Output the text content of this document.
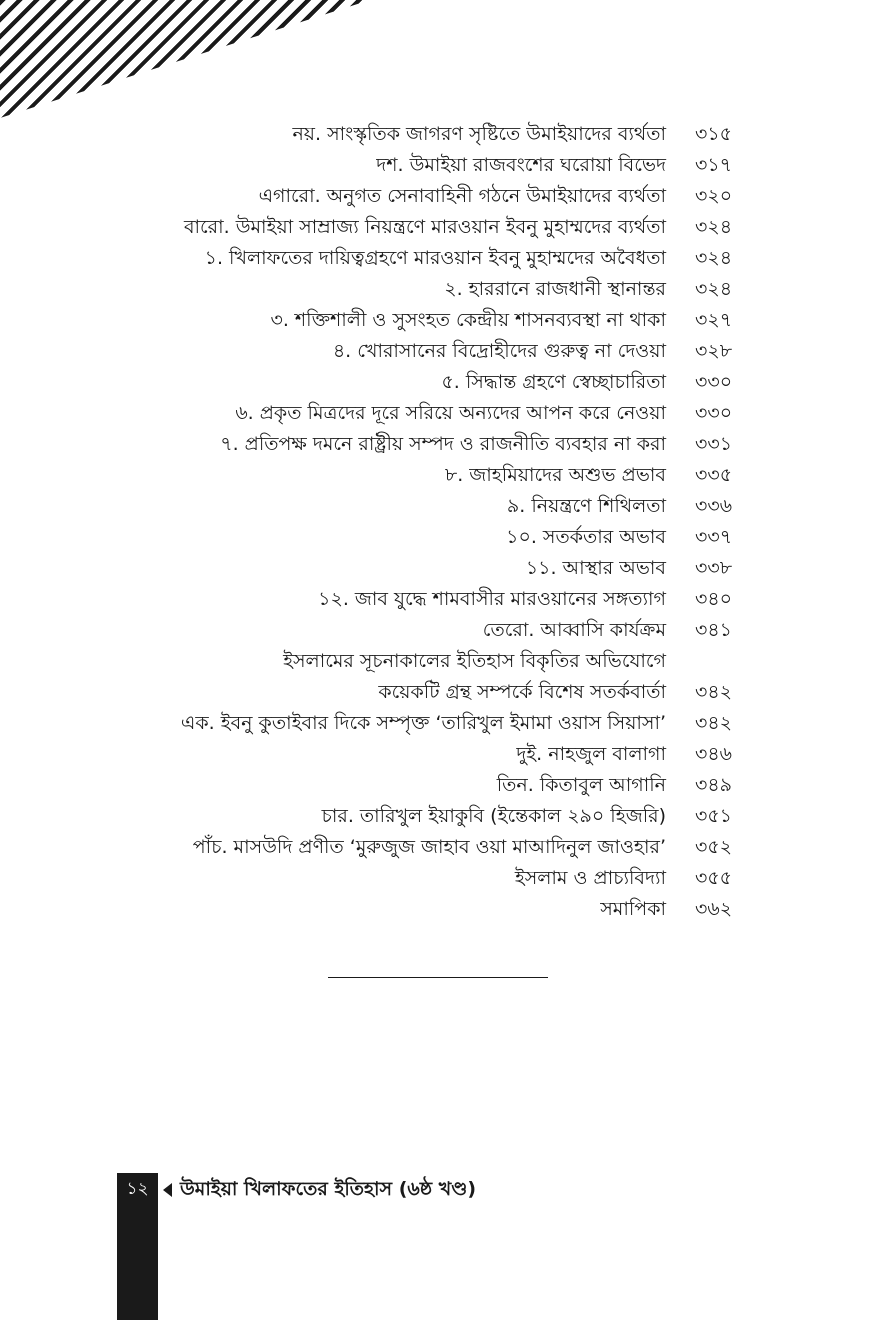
নয়. সাংস্কৃতিক জাগরণ সৃষ্টিতে উমাইয়াদের ব্যর্থতা ৩১৫
দশ. উমাইয়া রাজবংশের ঘরোয়া বিভেদ ৩১৭
এগারো. অনুগত সেনাবাহিনী গঠনে উমাইয়াদের ব্যর্থতা ৩২০
বারো. উমাইয়া সাম্রাজ্য নিয়ন্ত্রণে মারওয়ান ইবনু মুহাম্মদের ব্যর্থতা ৩২৪
১. খিলাফতের দায়িত্বগ্রহণে মারওয়ান ইবনু মুহাম্মদের অবৈধতা ৩২৪
২. হাররানে রাজধানী স্থানান্তর ৩২৪
৩. শক্তিশালী ও সুসংহত কেন্দ্রীয় শাসনব্যবস্থা না থাকা ৩২৭
৪. খোরাসানের বিদ্রোহীদের গুরুত্ব না দেওয়া ৩২৮
৫. সিদ্ধান্ত গ্রহণে স্বেচ্ছাচারিতা ৩৩০
৬. প্রকৃত মিত্রদের দূরে সরিয়ে অন্যদের আপন করে নেওয়া ৩৩০
৭. প্রতিপক্ষ দমনে রাষ্ট্রীয় সম্পদ ও রাজনীতি ব্যবহার না করা ৩৩১
৮. জাহমিয়াদের অশুভ প্রভাব ৩৩৫
৯. নিয়ন্ত্রণে শিথিলতা ৩৩৬
১০. সতর্কতার অভাব ৩৩৭
১১. আস্থার অভাব ৩৩৮
১২. জাব যুদ্ধে শামবাসীর মারওয়ানের সঙ্গত্যাগ ৩৪০
তেরো. আব্বাসি কার্যক্রম ৩৪১
ইসলামের সূচনাকালের ইতিহাস বিকৃতির অভিযোগে
কয়েকটি গ্রন্থ সম্পর্কে বিশেষ সতর্কবার্তা ৩৪২
এক. ইবনু কুতাইবার দিকে সম্পৃক্ত ‘তারিখুল ইমামা ওয়াস সিয়াসা’ ৩৪২
দুই. নাহজুল বালাগা ৩৪৬
তিন. কিতাবুল আগানি ৩৪৯
চার. তারিখুল ইয়াকুবি (ইন্তেকাল ২৯০ হিজরি) ৩৫১
পাঁচ. মাসউদি প্রণীত ‘মুরুজুজ জাহাব ওয়া মাআদিনুল জাওহার’ ৩৫২
ইসলাম ও প্রাচ্যবিদ্যা ৩৫৫
সমাপিকা ৩৬২
১২	উমাইয়া খিলাফতের ইতিহাস (৬ষ্ঠ খণ্ড)
